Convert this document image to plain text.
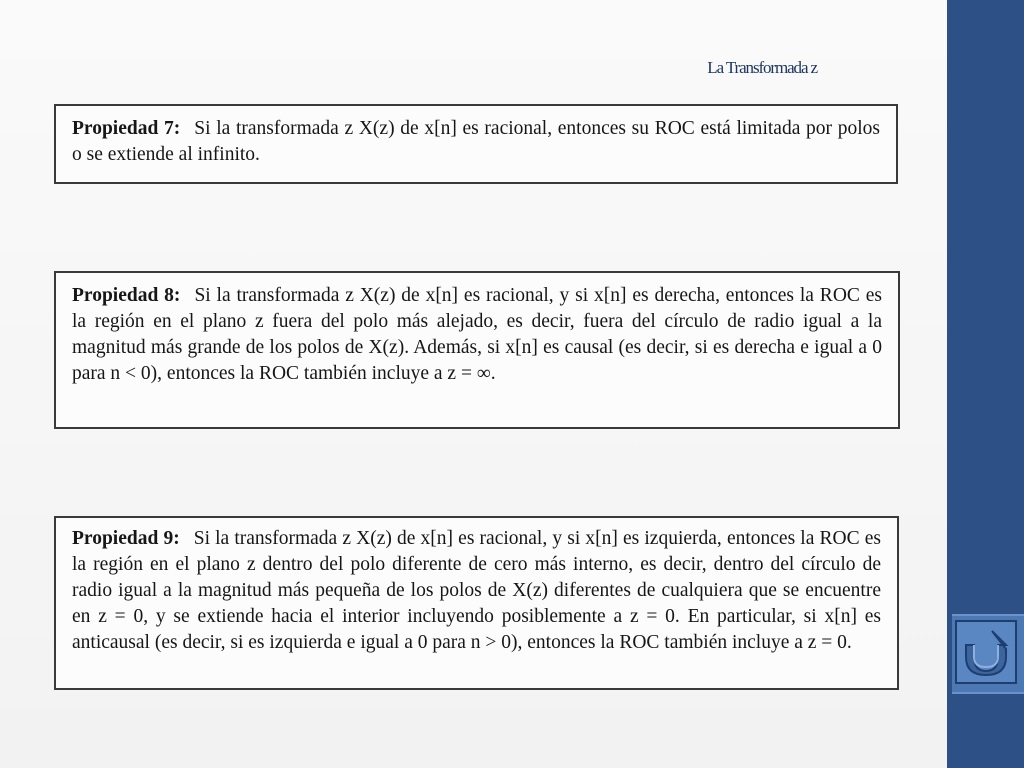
La Transformada z
Propiedad 7: Si la transformada z X(z) de x[n] es racional, entonces su ROC está limitada por polos o se extiende al infinito.
Propiedad 8: Si la transformada z X(z) de x[n] es racional, y si x[n] es derecha, entonces la ROC es la región en el plano z fuera del polo más alejado, es decir, fuera del círculo de radio igual a la magnitud más grande de los polos de X(z). Además, si x[n] es causal (es decir, si es derecha e igual a 0 para n < 0), entonces la ROC también incluye a z = ∞.
Propiedad 9: Si la transformada z X(z) de x[n] es racional, y si x[n] es izquierda, entonces la ROC es la región en el plano z dentro del polo diferente de cero más interno, es decir, dentro del círculo de radio igual a la magnitud más pequeña de los polos de X(z) diferentes de cualquiera que se encuentre en z = 0, y se extiende hacia el interior incluyendo posiblemente a z = 0. En particular, si x[n] es anticausal (es decir, si es izquierda e igual a 0 para n > 0), entonces la ROC también incluye a z = 0.
